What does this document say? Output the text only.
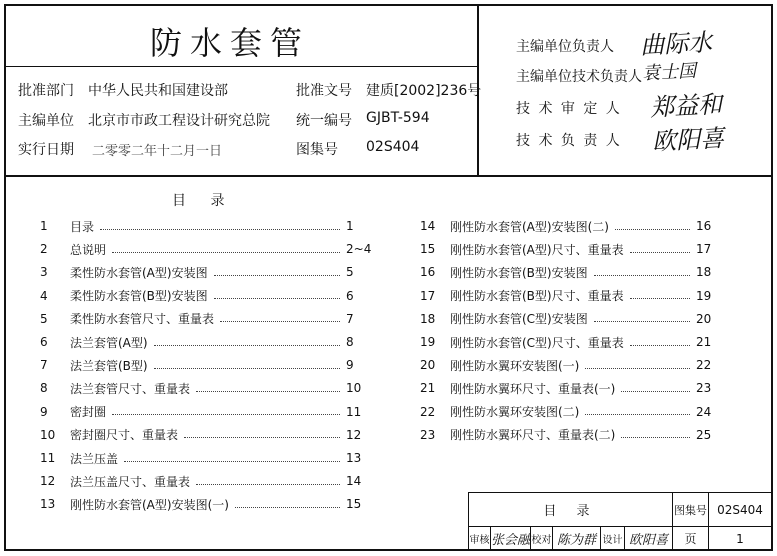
防水套管
批准部门 中华人民共和国建设部	批准文号 建质[2002]236号
主编单位 北京市市政工程设计研究总院 统一编号 GJBT-594
实行日期 二零零二年十二月一日	图集号 02S404
主编单位负责人 曲际水
主编单位技术负责人 袁士国
技 术 审 定 人 郑益和
技 术 负 责 人 欧阳喜
目 录
1	目录	1
2	总说明	2~4
3	柔性防水套管(A型)安装图	5
4	柔性防水套管(B型)安装图	6
5	柔性防水套管尺寸、重量表	7
6	法兰套管(A型)	8
7	法兰套管(B型)	9
8	法兰套管尺寸、重量表	10
9	密封圈	11
10	密封圈尺寸、重量表	12
11	法兰压盖	13
12	法兰压盖尺寸、重量表	14
13	刚性防水套管(A型)安装图(一)	15
14	刚性防水套管(A型)安装图(二)	16
15	刚性防水套管(A型)尺寸、重量表	17
16	刚性防水套管(B型)安装图	18
17	刚性防水套管(B型)尺寸、重量表	19
18	刚性防水套管(C型)安装图	20
19	刚性防水套管(C型)尺寸、重量表	21
20	刚性防水翼环安装图(一)	22
21	刚性防水翼环尺寸、重量表(一)	23
22	刚性防水翼环安装图(二)	24
23	刚性防水翼环尺寸、重量表(二)	25
目 录	图集号 02S404
审核 张会融 校对 陈为群 设计 欧阳喜	页	1
